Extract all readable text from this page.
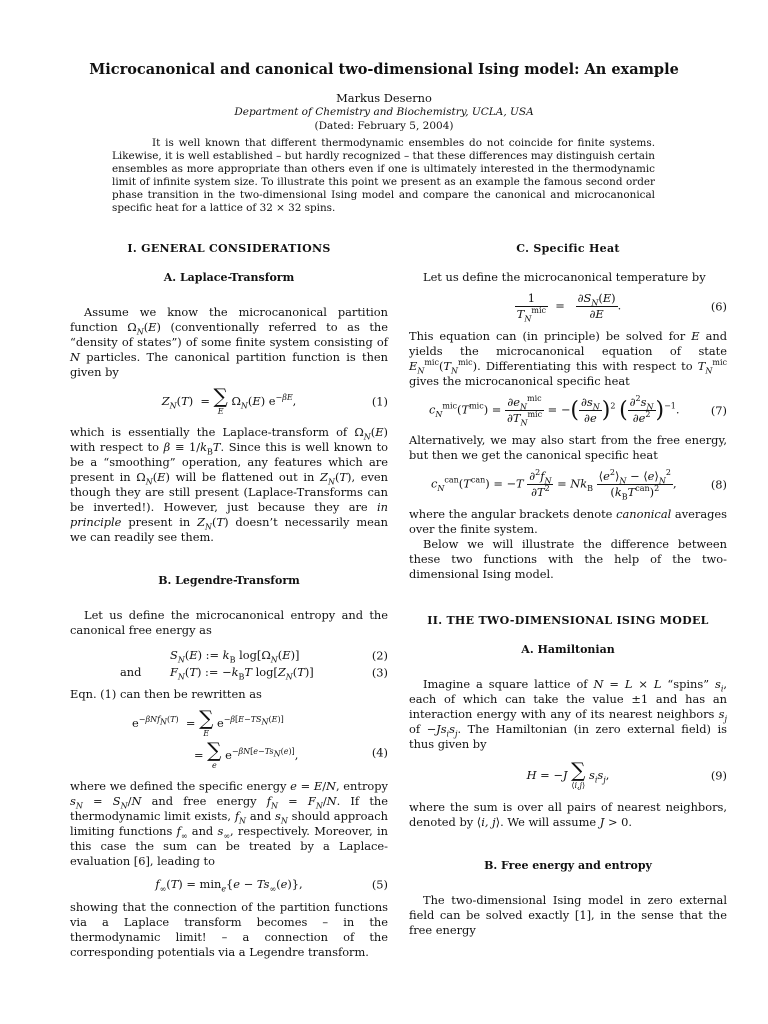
Microcanonical and canonical two-dimensional Ising model: An example
Markus Deserno
Department of Chemistry and Biochemistry, UCLA, USA
(Dated: February 5, 2004)
It is well known that different thermodynamic ensembles do not coincide for finite systems. Likewise, it is well established – but hardly recognized – that these differences may distinguish certain ensembles as more appropriate than others even if one is ultimately interested in the thermodynamic limit of infinite system size. To illustrate this point we present as an example the famous second order phase transition in the two-dimensional Ising model and compare the canonical and microcanonical specific heat for a lattice of 32 × 32 spins.
I. GENERAL CONSIDERATIONS
A. Laplace-Transform

Assume we know the microcanonical partition function $\Omega_N(E)$ (conventionally referred to as the “density of states”) of some finite system consisting of N particles. The canonical partition function is then given by

$Z_N(T)$  = ∑
E
$\Omega_N(E)$ $e^{-\beta E}$,	(1)

which is essentially the Laplace-transform of $\Omega_N(E)$ with respect to $\beta \equiv 1/k_BT$. Since this is well known to be a “smoothing” operation, any features which are present in $\Omega_N(E)$ will be flattened out in $Z_N(T)$, even though they are still present (Laplace-Transforms can be inverted!). However, just because they are in principle present in $Z_N(T)$ doesn’t necessarily mean we can readily see them.

B. Legendre-Transform

Let us define the microcanonical entropy and the canonical free energy as

$S_N(E)$ := $k_B$ $\log[\Omega_N(E)]$	(2)
and	$F_N(T)$ := $-k_BT$ $\log[Z_N(T)]$	(3)

Eqn. (1) can then be rewritten as

$e^{-\beta Nf_N(T)}$  = ∑
E
$e^{-\beta[E-TS_N(E)]}$
= ∑
e
$e^{-\beta N[e-Ts_N(e)]}$,	(4)

where we defined the specific energy e = E/N, entropy $s_N = S_N/N$ and free energy $f_N = F_N/N$. If the thermodynamic limit exists, $f_N$ and $s_N$ should approach limiting functions $f_\infty$ and $s_\infty$, respectively. Moreover, in this case the sum can be treated by a Laplace-evaluation [6], leading to

$f_\infty(T) = \min_e\{e - Ts_\infty(e)\}$,	(5)

showing that the connection of the partition functions via a Laplace transform becomes – in the thermodynamic limit! – a connection of the corresponding potentials via a Legendre transform.

C. Specific Heat

Let us define the microcanonical temperature by

$\frac{1}{T_N^{mic}} = \frac{\partial S_N(E)}{\partial E}$ .	(6)

This equation can (in principle) be solved for E and yields the microcanonical equation of state $E_N^{mic}(T_N^{mic})$. Differentiating this with respect to $T_N^{mic}$ gives the microcanonical specific heat

$c_N^{mic}(T^{mic}) = \frac{\partial e_N^{mic}}{\partial T_N^{mic}}$ = −( $\frac{\partial s_N}{\partial e} )^2$ ( $\frac{\partial^2s_N}{\partial e^2} )^{-1}$.	(7)

Alternatively, we may also start from the free energy, but then we get the canonical specific heat

$c_N^{can}(T^{can}) = -T \frac{\partial^2f_N}{\partial T^2} = Nk_B \frac{⟨e^2⟩_N - ⟨e⟩_N^2}{(k_BT^{can})^2}$ ,	(8)

where the angular brackets denote canonical averages over the finite system.

Below we will illustrate the difference between these two functions with the help of the two-dimensional Ising model.

II. THE TWO-DIMENSIONAL ISING MODEL
A. Hamiltonian

Imagine a square lattice of N = L × L “spins” $s_i$, each of which can take the value ±1 and has an interaction energy with any of its nearest neighbors $s_j$ of $-Js_is_j$. The Hamiltonian (in zero external field) is thus given by

H = −J ∑
⟨i,j⟩
$s_is_j$,	(9)

where the sum is over all pairs of nearest neighbors, denoted by ⟨i, j⟩. We will assume J > 0.

B. Free energy and entropy

The two-dimensional Ising model in zero external field can be solved exactly [1], in the sense that the free energy
